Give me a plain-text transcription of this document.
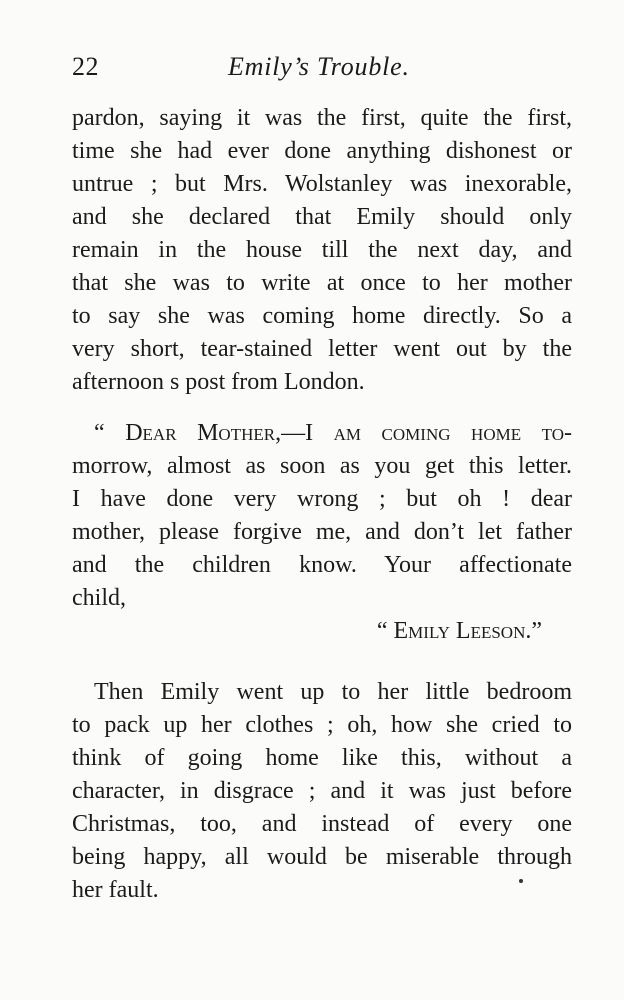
22	Emily’s Trouble.
pardon, saying it was the first, quite the first,
time she had ever done anything dishonest or
untrue ; but Mrs. Wolstanley was inexorable,
and she declared that Emily should only
remain in the house till the next day, and
that she was to write at once to her mother
to say she was coming home directly. So a
very short, tear-stained letter went out by the
afternoon s post from London.
“ Dear Mother,—I am coming home to-
morrow, almost as soon as you get this letter.
I have done very wrong ; but oh ! dear
mother, please forgive me, and don’t let father
and the children know. Your affectionate
child,
“ Emily Leeson.”
Then Emily went up to her little bedroom
to pack up her clothes ; oh, how she cried to
think of going home like this, without a
character, in disgrace ; and it was just before
Christmas, too, and instead of every one
being happy, all would be miserable through
her fault.
